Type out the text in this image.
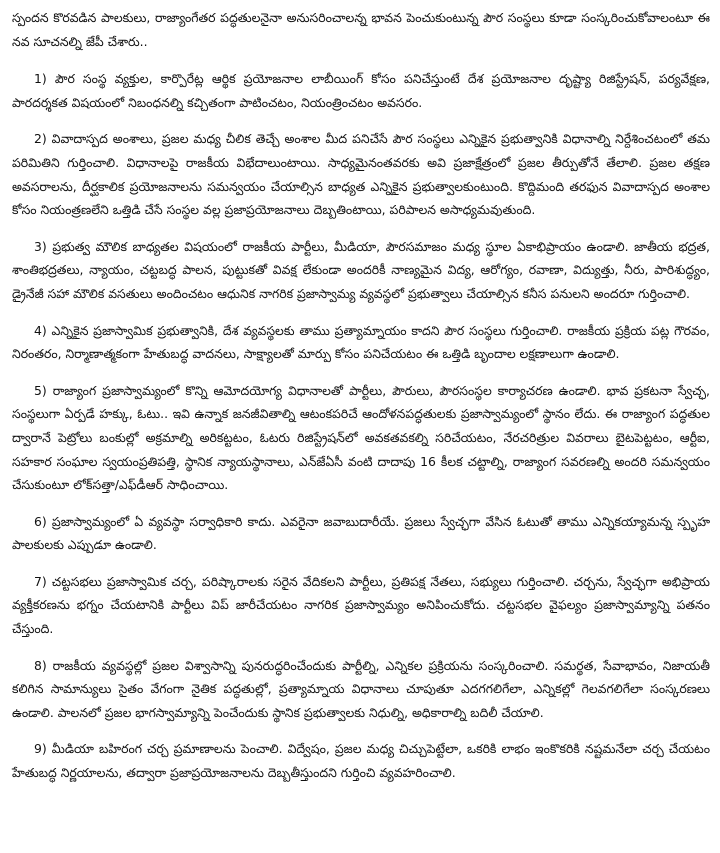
స్పందన కొరవడిన పాలకులు, రాజ్యాంగేతర పద్ధతులనైనా అనుసరించాలన్న భావన పెంచుకుంటున్న పౌర సంస్థలు కూడా సంస్కరించుకోవాలంటూ ఈ నవ సూచనల్ని జేపీ చేశారు..

1) పౌర సంస్థ వ్యక్తుల, కార్పొరేట్ల ఆర్థిక ప్రయోజనాల లాబీయింగ్ కోసం పనిచేస్తుంటే దేశ ప్రయోజనాల దృష్ట్యా రిజిస్ట్రేషన్, పర్యవేక్షణ, పారదర్శకత విషయంలో నిబంధనల్ని కచ్చితంగా పాటించటం, నియంత్రించటం అవసరం.

2) వివాదాస్పద అంశాలు, ప్రజల మధ్య చీలిక తెచ్చే అంశాల మీద పనిచేసే పౌర సంస్థలు ఎన్నికైన ప్రభుత్వానికి విధానాల్ని నిర్దేశించటంలో తమ పరిమితిని గుర్తించాలి. విధానాలపై రాజకీయ విభేదాలుంటాయి. సాధ్యమైనంతవరకు అవి ప్రజాక్షేత్రంలో ప్రజల తీర్పుతోనే తేలాలి. ప్రజల తక్షణ అవసరాలను, దీర్ఘకాలిక ప్రయోజనాలను సమన్వయం చేయాల్సిన బాధ్యత ఎన్నికైన ప్రభుత్వాలకుంటుంది. కొద్దిమంది తరఫున వివాదాస్పద అంశాల కోసం నియంత్రణలేని ఒత్తిడి చేసే సంస్థల వల్ల ప్రజాప్రయోజనాలు దెబ్బతింటాయి, పరిపాలన అసాధ్యమవుతుంది.

3) ప్రభుత్వ మౌలిక బాధ్యతల విషయంలో రాజకీయ పార్టీలు, మీడియా, పౌరసమాజం మధ్య స్థూల ఏకాభిప్రాయం ఉండాలి. జాతీయ భద్రత, శాంతిభద్రతలు, న్యాయం, చట్టబద్ధ పాలన, పుట్టుకతో వివక్ష లేకుండా అందరికీ నాణ్యమైన విద్య, ఆరోగ్యం, రవాణా, విద్యుత్తు, నీరు, పారిశుద్ధ్యం, డ్రైనేజీ సహా మౌలిక వసతులు అందించటం ఆధునిక నాగరిక ప్రజాస్వామ్య వ్యవస్థలో ప్రభుత్వాలు చేయాల్సిన కనీస పనులని అందరూ గుర్తించాలి.

4) ఎన్నికైన ప్రజాస్వామిక ప్రభుత్వానికి, దేశ వ్యవస్థలకు తాము ప్రత్యామ్నాయం కాదని పౌర సంస్థలు గుర్తించాలి. రాజకీయ ప్రక్రియ పట్ల గౌరవం, నిరంతరం, నిర్మాణాత్మకంగా హేతుబద్ధ వాదనలు, సాక్ష్యాలతో మార్పు కోసం పనిచేయటం ఈ ఒత్తిడి బృందాల లక్షణాలుగా ఉండాలి.

5) రాజ్యాంగ ప్రజాస్వామ్యంలో కొన్ని ఆమోదయోగ్య విధానాలతో పార్టీలు, పౌరులు, పౌరసంస్థల కార్యాచరణ ఉండాలి. భావ ప్రకటనా స్వేచ్ఛ, సంస్థలుగా ఏర్పడే హక్కు, ఓటు.. ఇవి ఉన్నాక జనజీవితాల్ని ఆటంకపరిచే ఆందోళనపద్ధతులకు ప్రజాస్వామ్యంలో స్థానం లేదు. ఈ రాజ్యాంగ పద్ధతుల ద్వారానే పెట్రోలు బంకుల్లో అక్రమాల్ని అరికట్టటం, ఓటరు రిజిస్ట్రేషన్‌లో అవకతవకల్ని సరిచేయటం, నేరచరిత్రుల వివరాలు బైటపెట్టటం, ఆర్టీఐ, సహకార సంఘాల స్వయంప్రతిపత్తి, స్థానిక న్యాయస్థానాలు, ఎన్‌జేఏసీ వంటి దాదాపు 16 కీలక చట్టాల్ని, రాజ్యాంగ సవరణల్ని అందరి సమన్వయం చేసుకుంటూ లోక్‌సత్తా/ఎఫ్‌డీఆర్ సాధించాయి.

6) ప్రజాస్వామ్యంలో ఏ వ్యవస్థా సర్వాధికారి కాదు. ఎవరైనా జవాబుదారీయే. ప్రజలు స్వేచ్ఛగా వేసిన ఓటుతో తాము ఎన్నికయ్యామన్న స్పృహ పాలకులకు ఎప్పుడూ ఉండాలి.

7) చట్టసభలు ప్రజాస్వామిక చర్చ, పరిష్కారాలకు సరైన వేదికలని పార్టీలు, ప్రతిపక్ష నేతలు, సభ్యులు గుర్తించాలి. చర్చను, స్వేచ్ఛగా అభిప్రాయ వ్యక్తీకరణను భగ్నం చేయటానికి పార్టీలు విప్ జారీచేయటం నాగరిక ప్రజాస్వామ్యం అనిపించుకోదు. చట్టసభల వైఫల్యం ప్రజాస్వామ్యాన్ని పతనం చేస్తుంది.

8) రాజకీయ వ్యవస్థల్లో ప్రజల విశ్వాసాన్ని పునరుద్ధరించేందుకు పార్టీల్ని, ఎన్నికల ప్రక్రియను సంస్కరించాలి. సమర్థత, సేవాభావం, నిజాయతీ కలిగిన సామాన్యులు సైతం వేగంగా నైతిక పద్ధతుల్లో, ప్రత్యామ్నాయ విధానాలు చూపుతూ ఎదగగలిగేలా, ఎన్నికల్లో గెలవగలిగేలా సంస్కరణలు ఉండాలి. పాలనలో ప్రజల భాగస్వామ్యాన్ని పెంచేందుకు స్థానిక ప్రభుత్వాలకు నిధుల్ని, అధికారాల్ని బదిలీ చేయాలి.

9) మీడియా బహిరంగ చర్చ ప్రమాణాలను పెంచాలి. విద్వేషం, ప్రజల మధ్య చిచ్చుపెట్టేలా, ఒకరికి లాభం ఇంకొకరికి నష్టమనేలా చర్చ చేయటం హేతుబద్ధ నిర్ణయాలను, తద్వారా ప్రజాప్రయోజనాలను దెబ్బతీస్తుందని గుర్తించి వ్యవహరించాలి.
